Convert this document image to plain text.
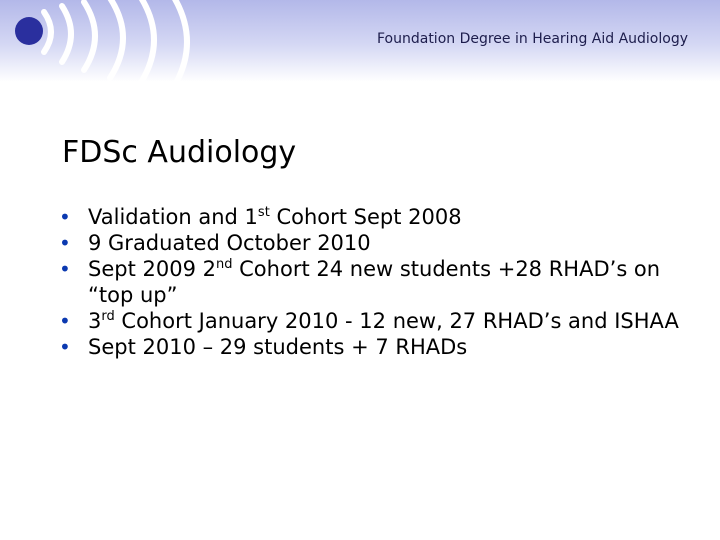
Foundation Degree in Hearing Aid Audiology
FDSc Audiology
• Validation and 1st Cohort Sept 2008
• 9 Graduated October 2010
• Sept 2009 2nd Cohort 24 new students +28 RHAD’s on “top up”
• 3rd Cohort January 2010 - 12 new, 27 RHAD’s and ISHAA
• Sept 2010 – 29 students + 7 RHADs
